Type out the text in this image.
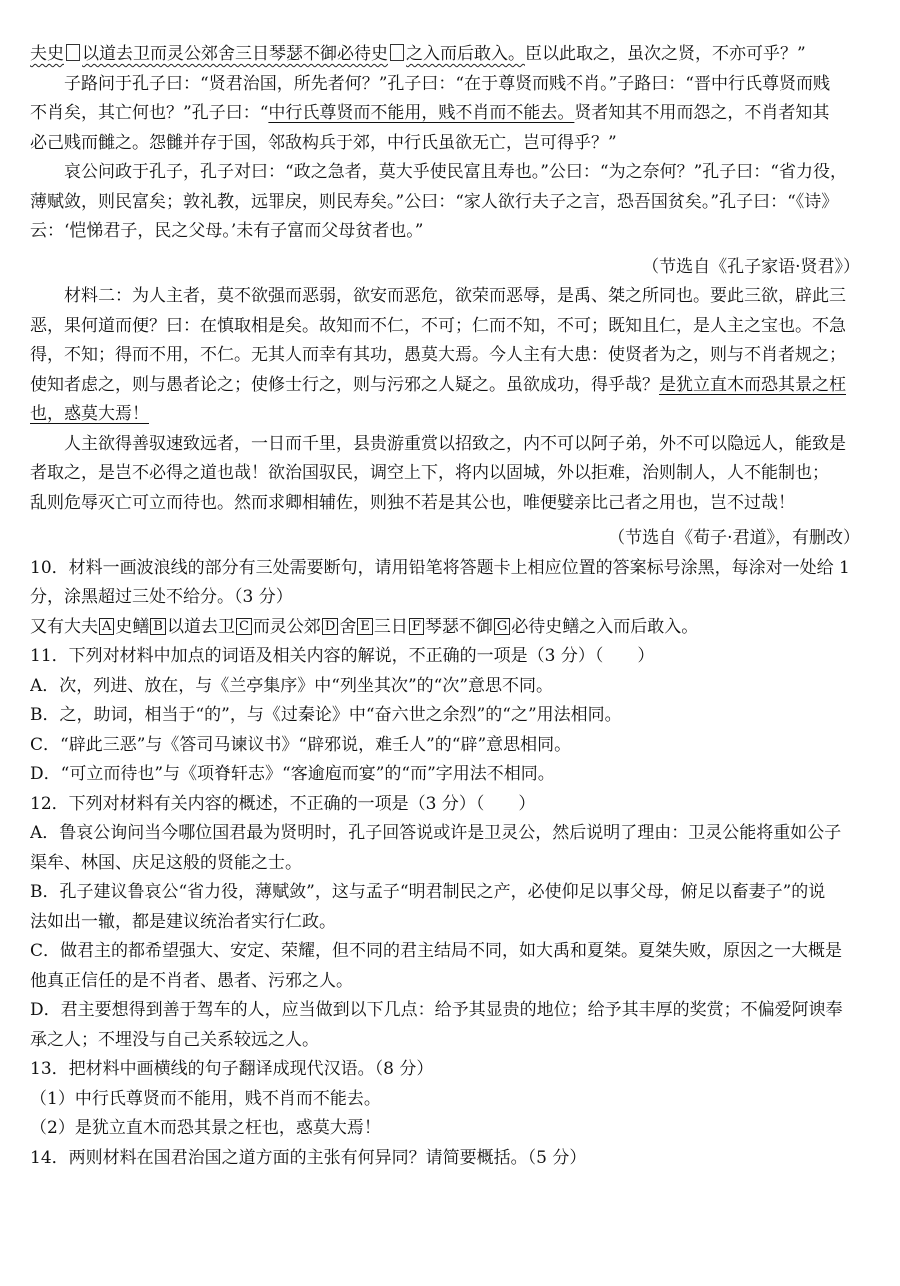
夫史 以道去卫而灵公郊舍三日琴瑟不御必待史 之入而后敢入。臣以此取之，虽次之贤，不亦可乎？”
子路问于孔子曰：“贤君治国，所先者何？”孔子曰：“在于尊贤而贱不肖。”子路曰：“晋中行氏尊贤而贱
不肖矣，其亡何也？”孔子曰：“中行氏尊贤而不能用，贱不肖而不能去。贤者知其不用而怨之，不肖者知其
必己贱而雠之。怨雠并存于国，邻敌构兵于郊，中行氏虽欲无亡，岂可得乎？”
哀公问政于孔子，孔子对曰：“政之急者，莫大乎使民富且寿也。”公曰：“为之奈何？”孔子曰：“省力役，
薄赋敛，则民富矣；敦礼教，远罪戾，则民寿矣。”公曰：“家人欲行夫子之言，恐吾国贫矣。”孔子曰：“《诗》
云：‘恺悌君子，民之父母。’未有子富而父母贫者也。”
（节选自《孔子家语·贤君》）
材料二：为人主者，莫不欲强而恶弱，欲安而恶危，欲荣而恶辱，是禹、桀之所同也。要此三欲，辟此三
恶，果何道而便？曰：在慎取相是矣。故知而不仁，不可；仁而不知，不可；既知且仁，是人主之宝也。不急
得，不知；得而不用，不仁。无其人而幸有其功，愚莫大焉。今人主有大患：使贤者为之，则与不肖者规之；
使知者虑之，则与愚者论之；使修士行之，则与污邪之人疑之。虽欲成功，得乎哉？是犹立直木而恐其景之枉
也，惑莫大焉！
人主欲得善驭速致远者，一日而千里，县贵游重赏以招致之，内不可以阿子弟，外不可以隐远人，能致是
者取之，是岂不必得之道也哉！欲治国驭民，调空上下，将内以固城，外以拒难，治则制人，人不能制也；
乱则危辱灭亡可立而待也。然而求卿相辅佐，则独不若是其公也，唯便嬖亲比己者之用也，岂不过哉！
（节选自《荀子·君道》，有删改）
10．材料一画波浪线的部分有三处需要断句，请用铅笔将答题卡上相应位置的答案标号涂黑，每涂对一处给 1
分，涂黑超过三处不给分。（3 分）
又有大夫 A 史鳝 B 以道去卫 C 而灵公郊 D 舍 E 三日 F 琴瑟不御 G 必待史鳝之入而后敢入。
11．下列对材料中加点的词语及相关内容的解说，不正确的一项是（3 分）（　　）
A．次，列进、放在，与《兰亭集序》中“列坐其次”的“次”意思不同。
B．之，助词，相当于“的”，与《过秦论》中“奋六世之余烈”的“之”用法相同。
C．“辟此三恶”与《答司马谏议书》“辟邪说，难壬人”的“辟”意思相同。
D．“可立而待也”与《项脊轩志》“客逾庖而宴”的“而”字用法不相同。
12．下列对材料有关内容的概述，不正确的一项是（3 分）（　　）
A．鲁哀公询问当今哪位国君最为贤明时，孔子回答说或许是卫灵公，然后说明了理由：卫灵公能将重如公子
渠牟、林国、庆足这般的贤能之士。
B．孔子建议鲁哀公“省力役，薄赋敛”，这与孟子“明君制民之产，必使仰足以事父母，俯足以畜妻子”的说
法如出一辙，都是建议统治者实行仁政。
C．做君主的都希望强大、安定、荣耀，但不同的君主结局不同，如大禹和夏桀。夏桀失败，原因之一大概是
他真正信任的是不肖者、愚者、污邪之人。
D．君主要想得到善于驾车的人，应当做到以下几点：给予其显贵的地位；给予其丰厚的奖赏；不偏爱阿谀奉
承之人；不埋没与自己关系较远之人。
13．把材料中画横线的句子翻译成现代汉语。（8 分）
（1）中行氏尊贤而不能用，贱不肖而不能去。
（2）是犹立直木而恐其景之枉也，惑莫大焉！
14．两则材料在国君治国之道方面的主张有何异同？请简要概括。（5 分）
